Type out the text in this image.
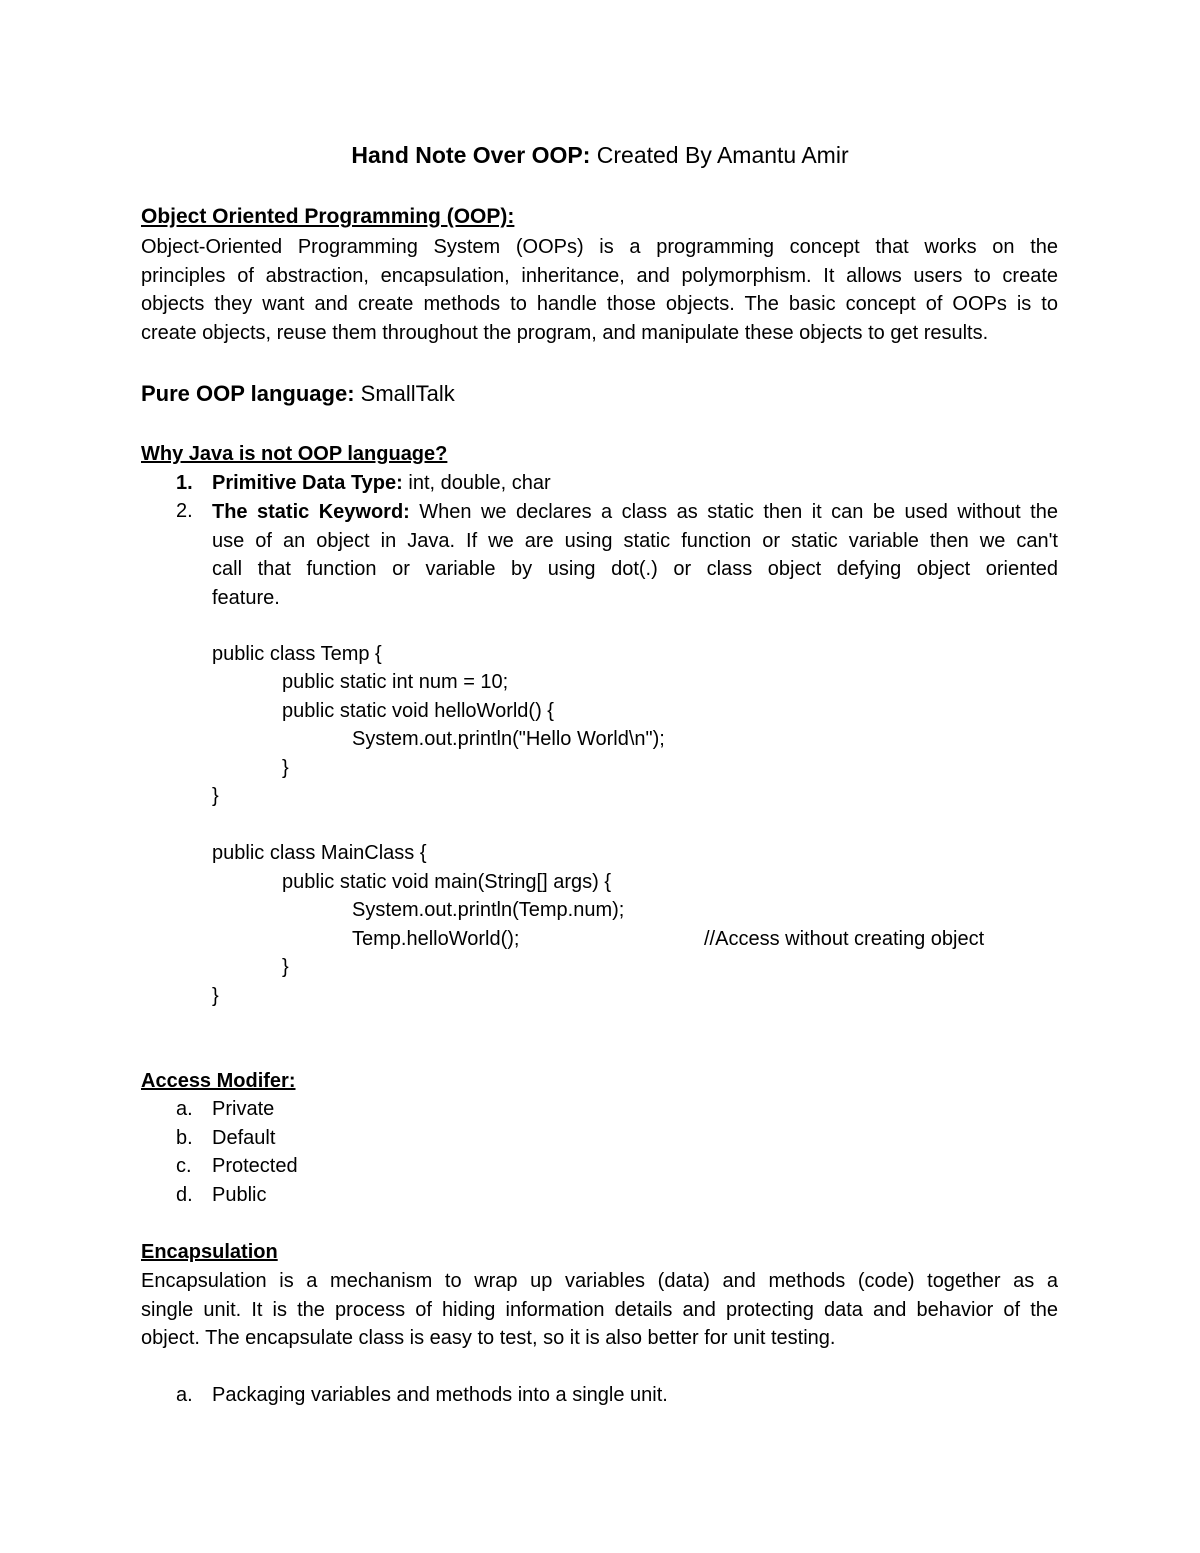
Hand Note Over OOP: Created By Amantu Amir
Object Oriented Programming (OOP):
Object-Oriented Programming System (OOPs) is a programming concept that works on the
principles of abstraction, encapsulation, inheritance, and polymorphism. It allows users to create
objects they want and create methods to handle those objects. The basic concept of OOPs is to
create objects, reuse them throughout the program, and manipulate these objects to get results.
Pure OOP language: SmallTalk
Why Java is not OOP language?
1. Primitive Data Type: int, double, char
2. The static Keyword: When we declares a class as static then it can be used without the
use of an object in Java. If we are using static function or static variable then we can't
call that function or variable by using dot(.) or class object defying object oriented
feature.
public class Temp {
public static int num = 10;
public static void helloWorld() {
System.out.println("Hello World\n");
}
}
public class MainClass {
public static void main(String[] args) {
System.out.println(Temp.num);
Temp.helloWorld();	//Access without creating object
}
}
Access Modifer:
a. Private
b. Default
c. Protected
d. Public
Encapsulation
Encapsulation is a mechanism to wrap up variables (data) and methods (code) together as a
single unit. It is the process of hiding information details and protecting data and behavior of the
object. The encapsulate class is easy to test, so it is also better for unit testing.
a. Packaging variables and methods into a single unit.
